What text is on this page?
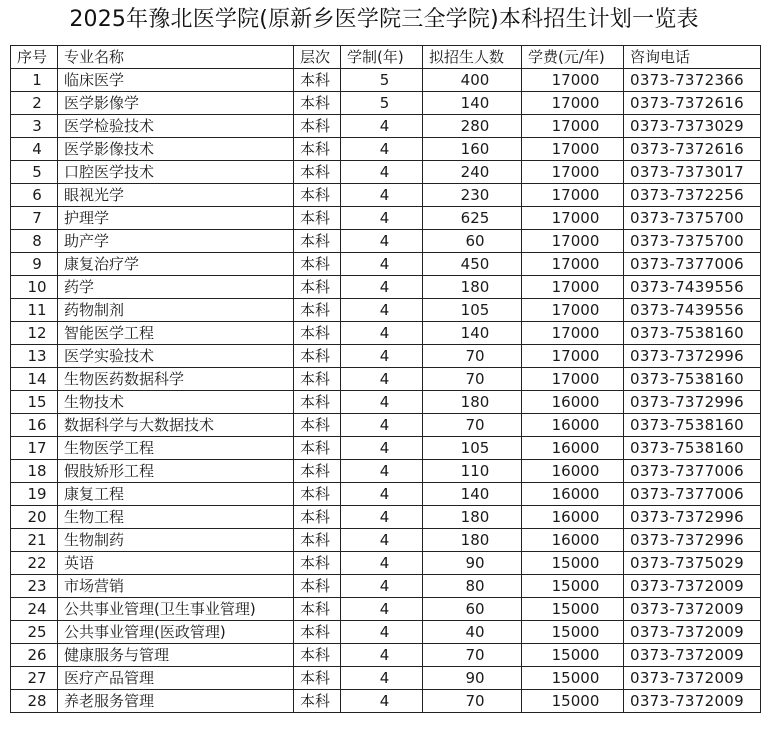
2025年豫北医学院(原新乡医学院三全学院)本科招生计划一览表
序号	专业名称	层次	学制(年)	拟招生人数	学费(元/年)	咨询电话
1	临床医学	本科	5	400	17000	0373-7372366
2	医学影像学	本科	5	140	17000	0373-7372616
3	医学检验技术	本科	4	280	17000	0373-7373029
4	医学影像技术	本科	4	160	17000	0373-7372616
5	口腔医学技术	本科	4	240	17000	0373-7373017
6	眼视光学	本科	4	230	17000	0373-7372256
7	护理学	本科	4	625	17000	0373-7375700
8	助产学	本科	4	60	17000	0373-7375700
9	康复治疗学	本科	4	450	17000	0373-7377006
10	药学	本科	4	180	17000	0373-7439556
11	药物制剂	本科	4	105	17000	0373-7439556
12	智能医学工程	本科	4	140	17000	0373-7538160
13	医学实验技术	本科	4	70	17000	0373-7372996
14	生物医药数据科学	本科	4	70	17000	0373-7538160
15	生物技术	本科	4	180	16000	0373-7372996
16	数据科学与大数据技术	本科	4	70	16000	0373-7538160
17	生物医学工程	本科	4	105	16000	0373-7538160
18	假肢矫形工程	本科	4	110	16000	0373-7377006
19	康复工程	本科	4	140	16000	0373-7377006
20	生物工程	本科	4	180	16000	0373-7372996
21	生物制药	本科	4	180	16000	0373-7372996
22	英语	本科	4	90	15000	0373-7375029
23	市场营销	本科	4	80	15000	0373-7372009
24	公共事业管理(卫生事业管理)	本科	4	60	15000	0373-7372009
25	公共事业管理(医政管理)	本科	4	40	15000	0373-7372009
26	健康服务与管理	本科	4	70	15000	0373-7372009
27	医疗产品管理	本科	4	90	15000	0373-7372009
28	养老服务管理	本科	4	70	15000	0373-7372009
